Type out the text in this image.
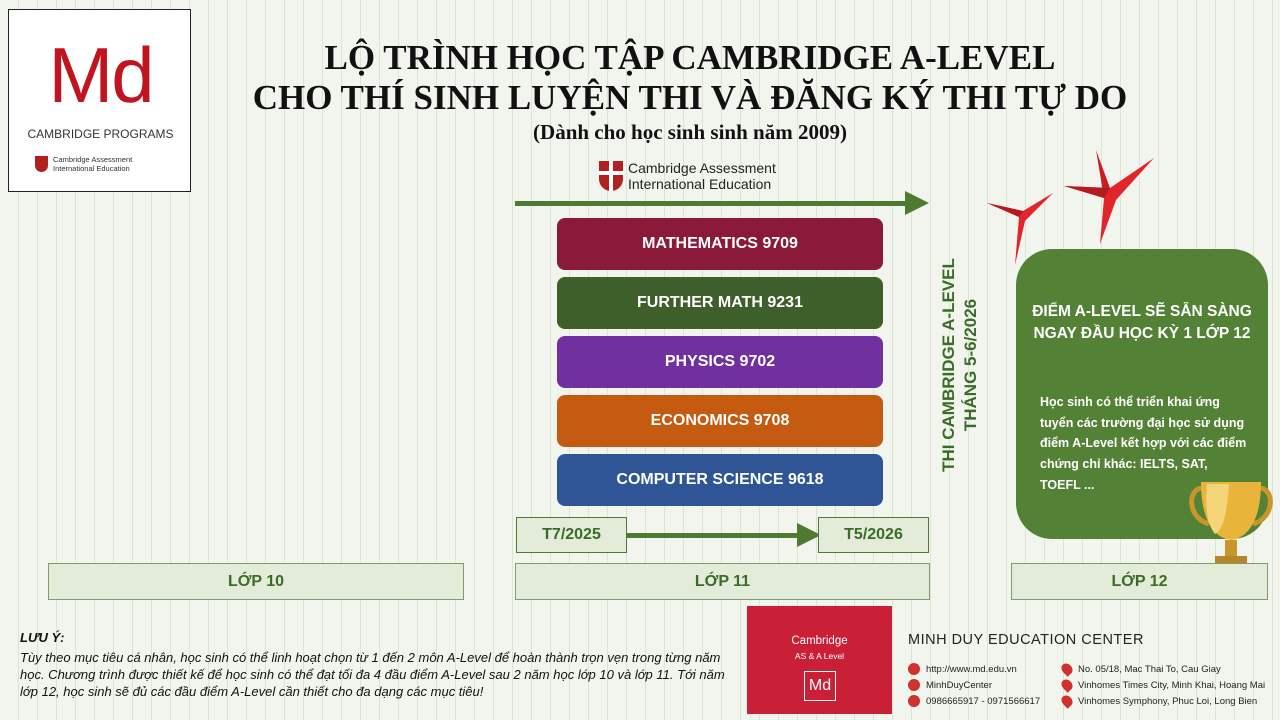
Md
CAMBRIDGE PROGRAMS
Cambridge Assessment
International Education
LỘ TRÌNH HỌC TẬP CAMBRIDGE A-LEVEL
CHO THÍ SINH LUYỆN THI VÀ ĐĂNG KÝ THI TỰ DO
(Dành cho học sinh sinh năm 2009)
Cambridge Assessment
International Education
MATHEMATICS 9709
FURTHER MATH 9231
PHYSICS 9702
ECONOMICS 9708
COMPUTER SCIENCE 9618
THI CAMBRIDGE A-LEVEL THÁNG 5-6/2026	ĐIỂM A-LEVEL SẼ SẴN SÀNG NGAY ĐẦU HỌC KỲ 1 LỚP 12
Học sinh có thể triển khai ứng tuyển các trường đại học sử dụng điểm A-Level kết hợp với các điểm chứng chỉ khác: IELTS, SAT, TOEFL ...
T7/2025	T5/2026
LỚP 10	LỚP 11	LỚP 12
LƯU Ý:
Tùy theo mục tiêu cá nhân, học sinh có thể linh hoạt chọn từ 1 đến 2 môn A-Level để hoàn thành trọn vẹn trong từng năm học. Chương trình được thiết kế để học sinh có thể đạt tối đa 4 đầu điểm A-Level sau 2 năm học lớp 10 và lớp 11. Tới năm lớp 12, học sinh sẽ đủ các đầu điểm A-Level cần thiết cho đa dạng các mục tiêu!
Cambridge
AS & A Level
Md
MINH DUY EDUCATION CENTER
http://www.md.edu.vn
MinhDuyCenter
0986665917 - 0971566617
No. 05/18, Mac Thai To, Cau Giay
Vinhomes Times City, Minh Khai, Hoang Mai
Vinhomes Symphony, Phuc Loi, Long Bien
